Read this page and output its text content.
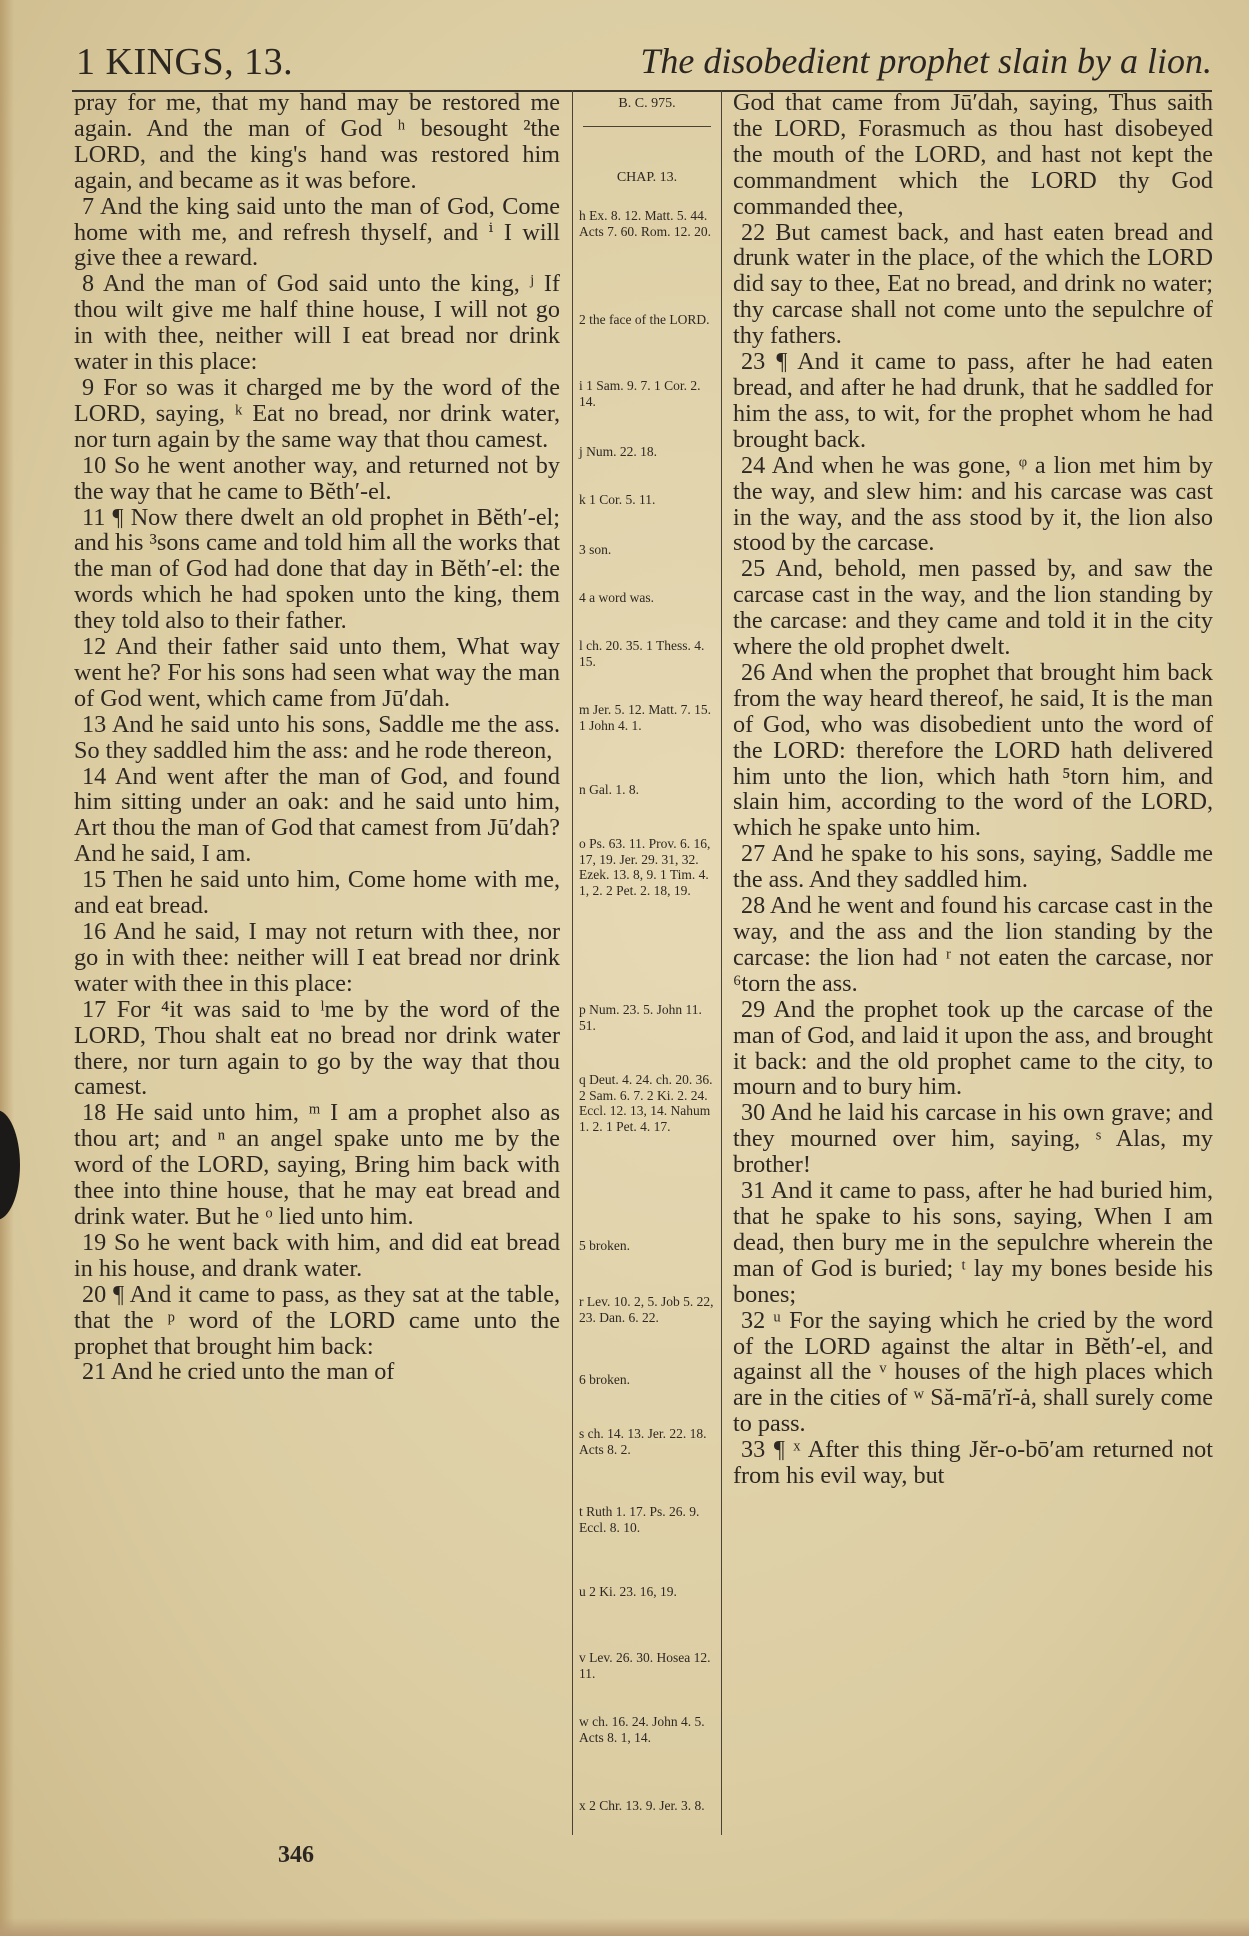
1 KINGS, 13.	The disobedient prophet slain by a lion.

pray for me, that my hand may be restored me again. And the man of God ʰ besought ²the LORD, and the king's hand was restored him again, and became as it was before.

7 And the king said unto the man of God, Come home with me, and refresh thyself, and ⁱ I will give thee a reward.

8 And the man of God said unto the king, ʲ If thou wilt give me half thine house, I will not go in with thee, neither will I eat bread nor drink water in this place:

9 For so was it charged me by the word of the LORD, saying, ᵏ Eat no bread, nor drink water, nor turn again by the same way that thou camest.

10 So he went another way, and returned not by the way that he came to Bĕth′-el.

11 ¶ Now there dwelt an old prophet in Bĕth′-el; and his ³sons came and told him all the works that the man of God had done that day in Bĕth′-el: the words which he had spoken unto the king, them they told also to their father.

12 And their father said unto them, What way went he? For his sons had seen what way the man of God went, which came from Jū′dah.

13 And he said unto his sons, Saddle me the ass. So they saddled him the ass: and he rode thereon,

14 And went after the man of God, and found him sitting under an oak: and he said unto him, Art thou the man of God that camest from Jū′dah? And he said, I am.

15 Then he said unto him, Come home with me, and eat bread.

16 And he said, I may not return with thee, nor go in with thee: neither will I eat bread nor drink water with thee in this place:

17 For ⁴it was said to ˡme by the word of the LORD, Thou shalt eat no bread nor drink water there, nor turn again to go by the way that thou camest.

18 He said unto him, ᵐ I am a prophet also as thou art; and ⁿ an angel spake unto me by the word of the LORD, saying, Bring him back with thee into thine house, that he may eat bread and drink water. But he ᵒ lied unto him.

19 So he went back with him, and did eat bread in his house, and drank water.

20 ¶ And it came to pass, as they sat at the table, that the ᵖ word of the LORD came unto the prophet that brought him back:

21 And he cried unto the man of

B. C. 975.
CHAP. 13.
h Ex. 8. 12. Matt. 5. 44. Acts 7. 60. Rom. 12. 20.
2 the face of the LORD.
i 1 Sam. 9. 7. 1 Cor. 2. 14.
j Num. 22. 18.
k 1 Cor. 5. 11.
3 son.
4 a word was.
l ch. 20. 35. 1 Thess. 4. 15.
m Jer. 5. 12. Matt. 7. 15. 1 John 4. 1.
n Gal. 1. 8.
o Ps. 63. 11. Prov. 6. 16, 17, 19. Jer. 29. 31, 32. Ezek. 13. 8, 9. 1 Tim. 4. 1, 2. 2 Pet. 2. 18, 19.
p Num. 23. 5. John 11. 51.
q Deut. 4. 24. ch. 20. 36. 2 Sam. 6. 7. 2 Ki. 2. 24. Eccl. 12. 13, 14. Nahum 1. 2. 1 Pet. 4. 17.
5 broken.
r Lev. 10. 2, 5. Job 5. 22, 23. Dan. 6. 22.
6 broken.
s ch. 14. 13. Jer. 22. 18. Acts 8. 2.
t Ruth 1. 17. Ps. 26. 9. Eccl. 8. 10.
u 2 Ki. 23. 16, 19.
v Lev. 26. 30. Hosea 12. 11.
w ch. 16. 24. John 4. 5. Acts 8. 1, 14.
x 2 Chr. 13. 9. Jer. 3. 8.

God that came from Jū′dah, saying, Thus saith the LORD, Forasmuch as thou hast disobeyed the mouth of the LORD, and hast not kept the commandment which the LORD thy God commanded thee,

22 But camest back, and hast eaten bread and drunk water in the place, of the which the LORD did say to thee, Eat no bread, and drink no water; thy carcase shall not come unto the sepulchre of thy fathers.

23 ¶ And it came to pass, after he had eaten bread, and after he had drunk, that he saddled for him the ass, to wit, for the prophet whom he had brought back.

24 And when he was gone, ᵠ a lion met him by the way, and slew him: and his carcase was cast in the way, and the ass stood by it, the lion also stood by the carcase.

25 And, behold, men passed by, and saw the carcase cast in the way, and the lion standing by the carcase: and they came and told it in the city where the old prophet dwelt.

26 And when the prophet that brought him back from the way heard thereof, he said, It is the man of God, who was disobedient unto the word of the LORD: therefore the LORD hath delivered him unto the lion, which hath ⁵torn him, and slain him, according to the word of the LORD, which he spake unto him.

27 And he spake to his sons, saying, Saddle me the ass. And they saddled him.

28 And he went and found his carcase cast in the way, and the ass and the lion standing by the carcase: the lion had ʳ not eaten the carcase, nor ⁶torn the ass.

29 And the prophet took up the carcase of the man of God, and laid it upon the ass, and brought it back: and the old prophet came to the city, to mourn and to bury him.

30 And he laid his carcase in his own grave; and they mourned over him, saying, ˢ Alas, my brother!

31 And it came to pass, after he had buried him, that he spake to his sons, saying, When I am dead, then bury me in the sepulchre wherein the man of God is buried; ᵗ lay my bones beside his bones;

32 ᵘ For the saying which he cried by the word of the LORD against the altar in Bĕth′-el, and against all the ᵛ houses of the high places which are in the cities of ʷ Să-mā′rĭ-ȧ, shall surely come to pass.

33 ¶ ˣ After this thing Jĕr-o-bō′am returned not from his evil way, but

346
